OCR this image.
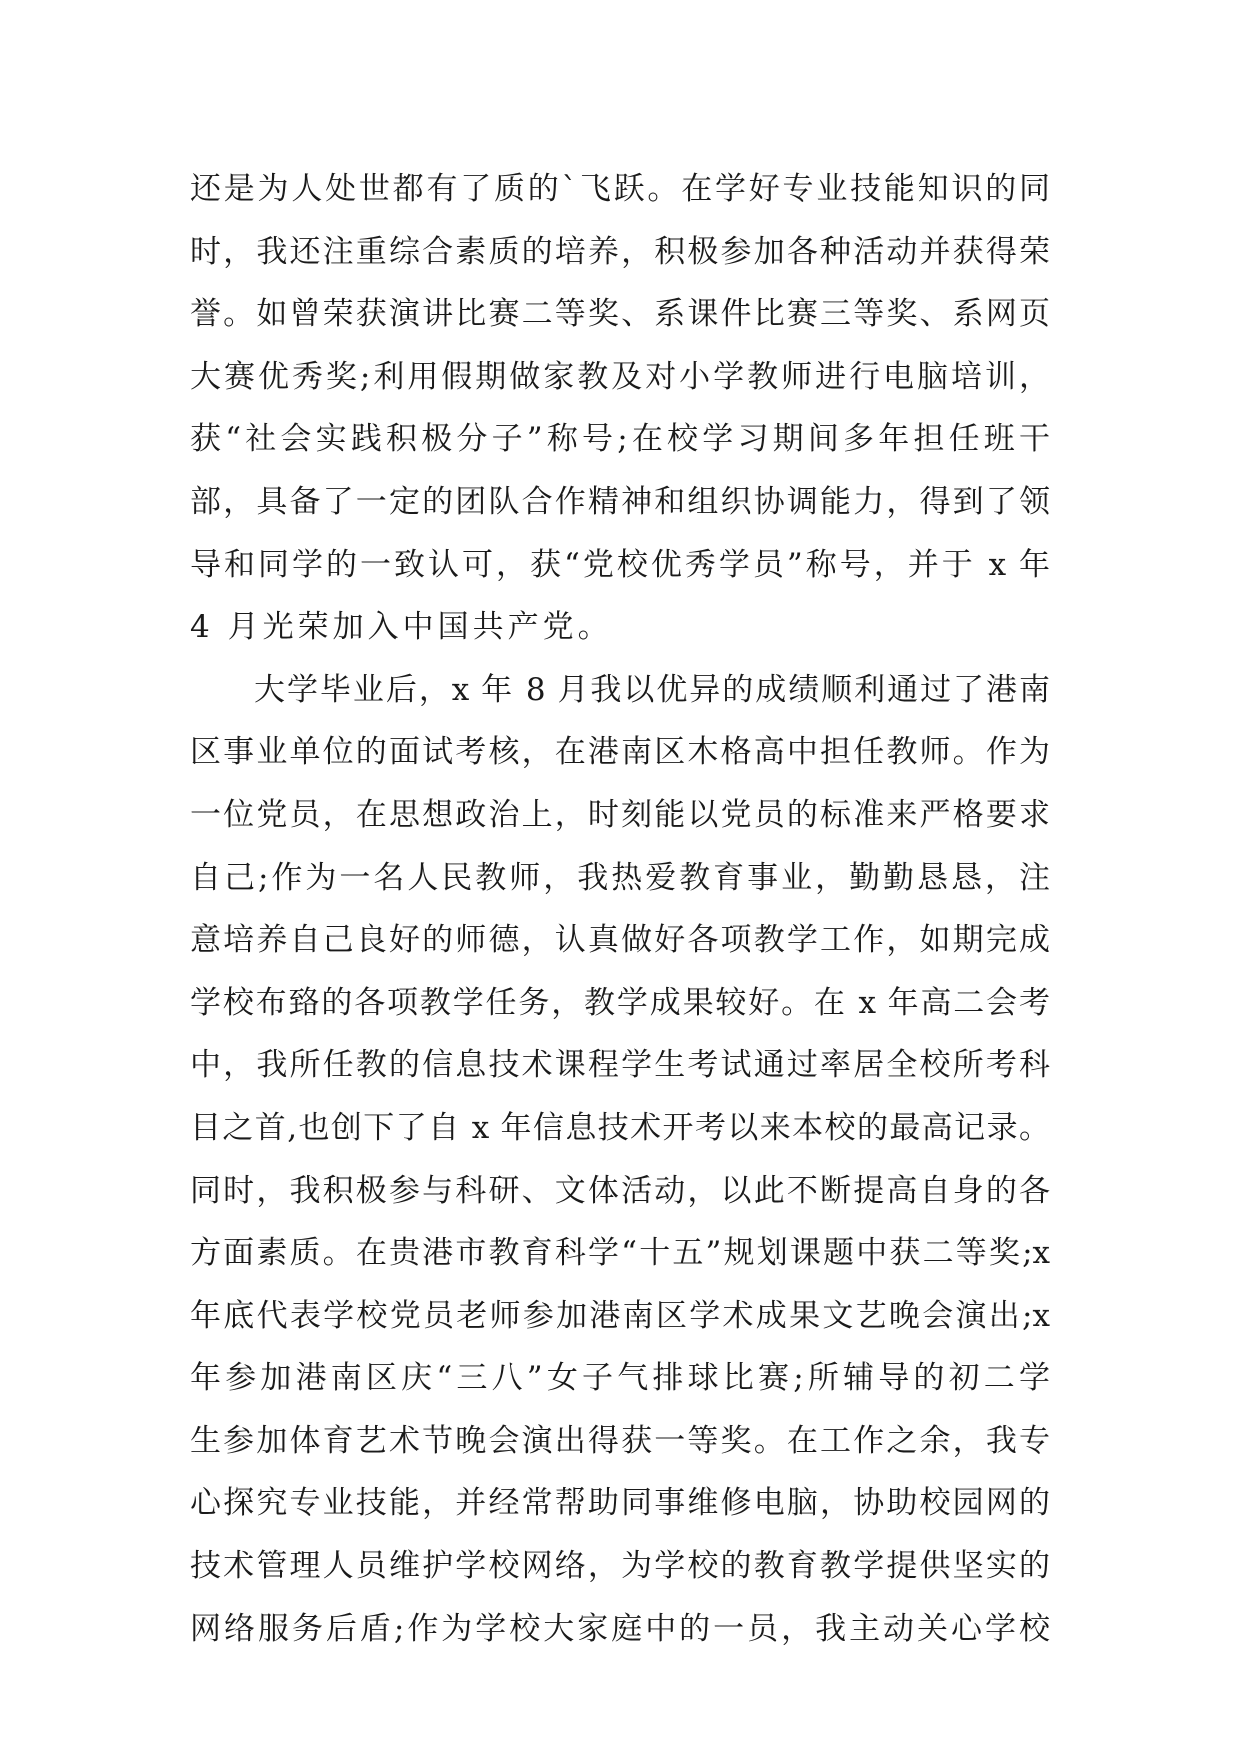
还是为人处世都有了质的`飞跃。在学好专业技能知识的同
时，我还注重综合素质的培养，积极参加各种活动并获得荣
誉。如曾荣获演讲比赛二等奖、系课件比赛三等奖、系网页
大赛优秀奖;利用假期做家教及对小学教师进行电脑培训，
获“社会实践积极分子”称号;在校学习期间多年担任班干
部，具备了一定的团队合作精神和组织协调能力，得到了领
导和同学的一致认可，获“党校优秀学员”称号，并于 x 年
4 月光荣加入中国共产党。
大学毕业后，x 年 8 月我以优异的成绩顺利通过了港南
区事业单位的面试考核，在港南区木格高中担任教师。作为
一位党员，在思想政治上，时刻能以党员的标准来严格要求
自己;作为一名人民教师，我热爱教育事业，勤勤恳恳，注
意培养自己良好的师德，认真做好各项教学工作，如期完成
学校布臵的各项教学任务，教学成果较好。在 x 年高二会考
中，我所任教的信息技术课程学生考试通过率居全校所考科
目之首,也创下了自 x 年信息技术开考以来本校的最高记录。
同时，我积极参与科研、文体活动，以此不断提高自身的各
方面素质。在贵港市教育科学“十五”规划课题中获二等奖;x
年底代表学校党员老师参加港南区学术成果文艺晚会演出;x
年参加港南区庆“三八”女子气排球比赛;所辅导的初二学
生参加体育艺术节晚会演出得获一等奖。在工作之余，我专
心探究专业技能，并经常帮助同事维修电脑，协助校园网的
技术管理人员维护学校网络，为学校的教育教学提供坚实的
网络服务后盾;作为学校大家庭中的一员，我主动关心学校
